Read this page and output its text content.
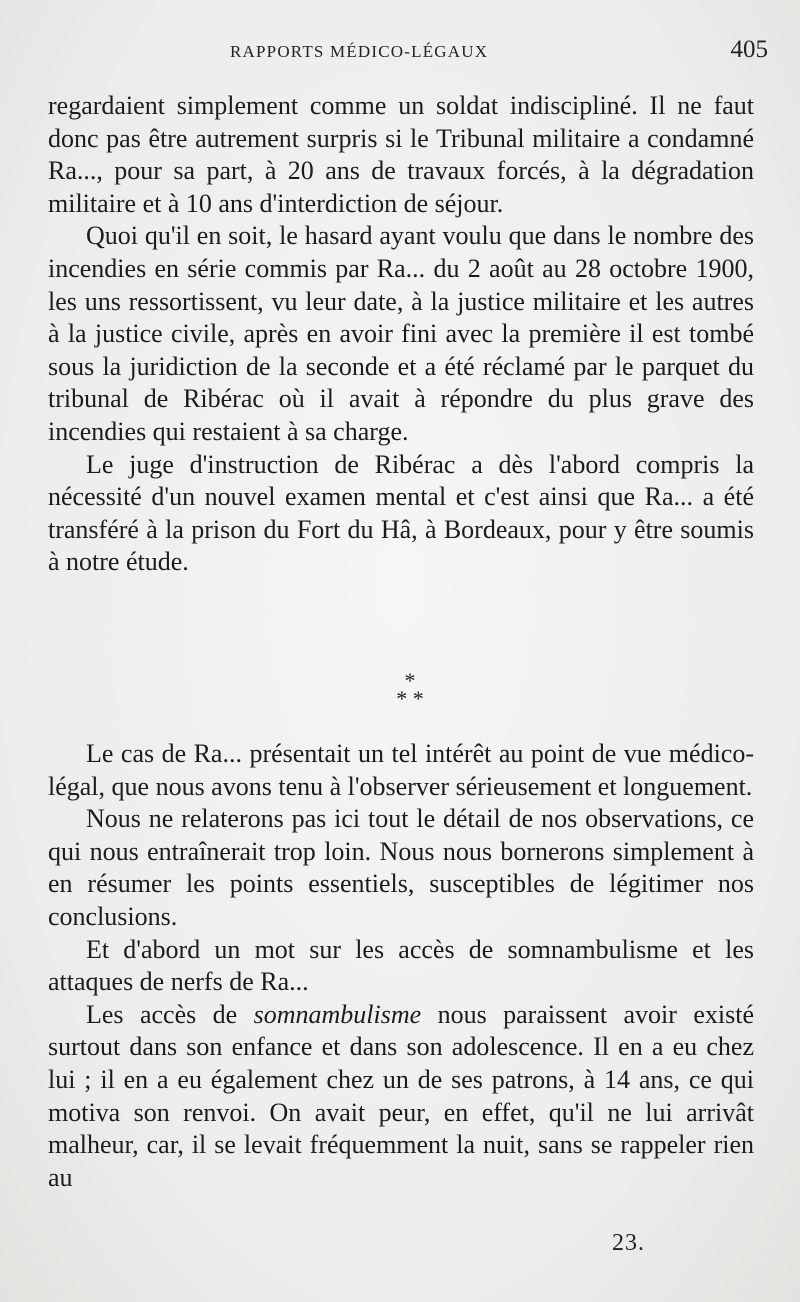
RAPPORTS MÉDICO-LÉGAUX	405

regardaient simplement comme un soldat indiscipliné. Il ne faut donc pas être autrement surpris si le Tribunal militaire a condamné Ra..., pour sa part, à 20 ans de travaux forcés, à la dégradation militaire et à 10 ans d'interdiction de séjour.

Quoi qu'il en soit, le hasard ayant voulu que dans le nombre des incendies en série commis par Ra... du 2 août au 28 octobre 1900, les uns ressortissent, vu leur date, à la justice militaire et les autres à la justice civile, après en avoir fini avec la première il est tombé sous la juridiction de la seconde et a été réclamé par le parquet du tribunal de Ribérac où il avait à répondre du plus grave des incendies qui restaient à sa charge.

Le juge d'instruction de Ribérac a dès l'abord compris la nécessité d'un nouvel examen mental et c'est ainsi que Ra... a été transféré à la prison du Fort du Hâ, à Bordeaux, pour y être soumis à notre étude.

*
* *

Le cas de Ra... présentait un tel intérêt au point de vue médico-légal, que nous avons tenu à l'observer sérieusement et longuement.

Nous ne relaterons pas ici tout le détail de nos observations, ce qui nous entraînerait trop loin. Nous nous bornerons simplement à en résumer les points essentiels, susceptibles de légitimer nos conclusions.

Et d'abord un mot sur les accès de somnambulisme et les attaques de nerfs de Ra...

Les accès de somnambulisme nous paraissent avoir existé surtout dans son enfance et dans son adolescence. Il en a eu chez lui ; il en a eu également chez un de ses patrons, à 14 ans, ce qui motiva son renvoi. On avait peur, en effet, qu'il ne lui arrivât malheur, car, il se levait fréquemment la nuit, sans se rappeler rien au

23.
